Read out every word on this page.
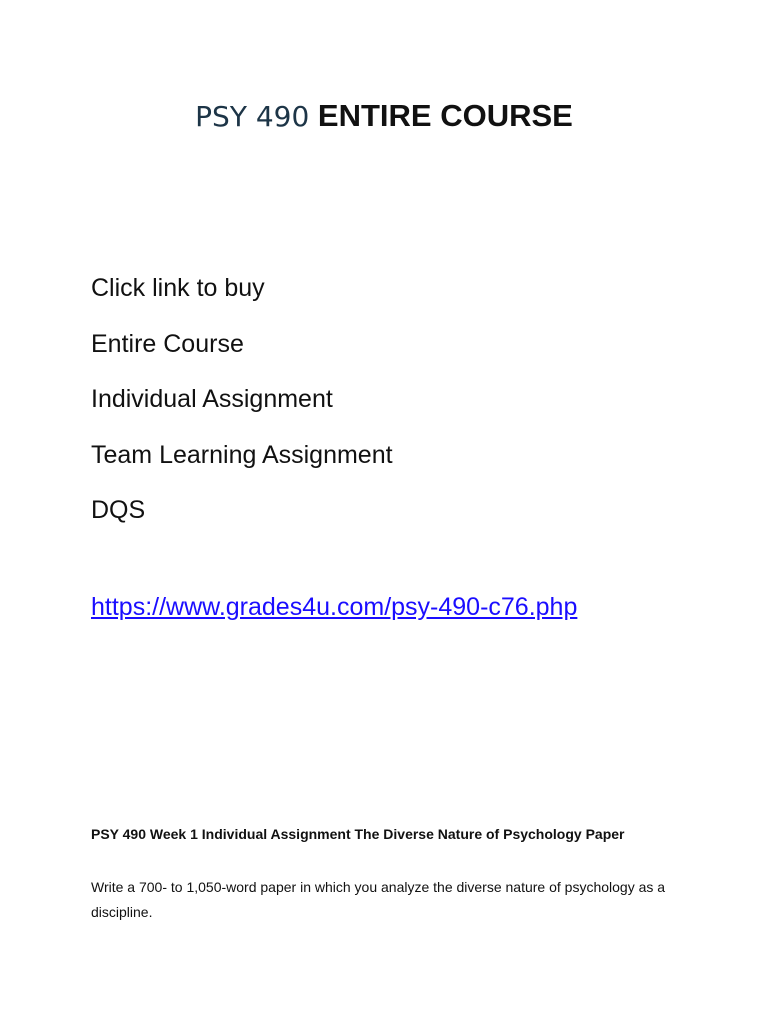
PSY 490 ENTIRE COURSE
Click link to buy
Entire Course
Individual Assignment
Team Learning Assignment
DQS
https://www.grades4u.com/psy-490-c76.php

PSY 490 Week 1 Individual Assignment The Diverse Nature of Psychology Paper

Write a 700- to 1,050-word paper in which you analyze the diverse nature of psychology as a discipline.
